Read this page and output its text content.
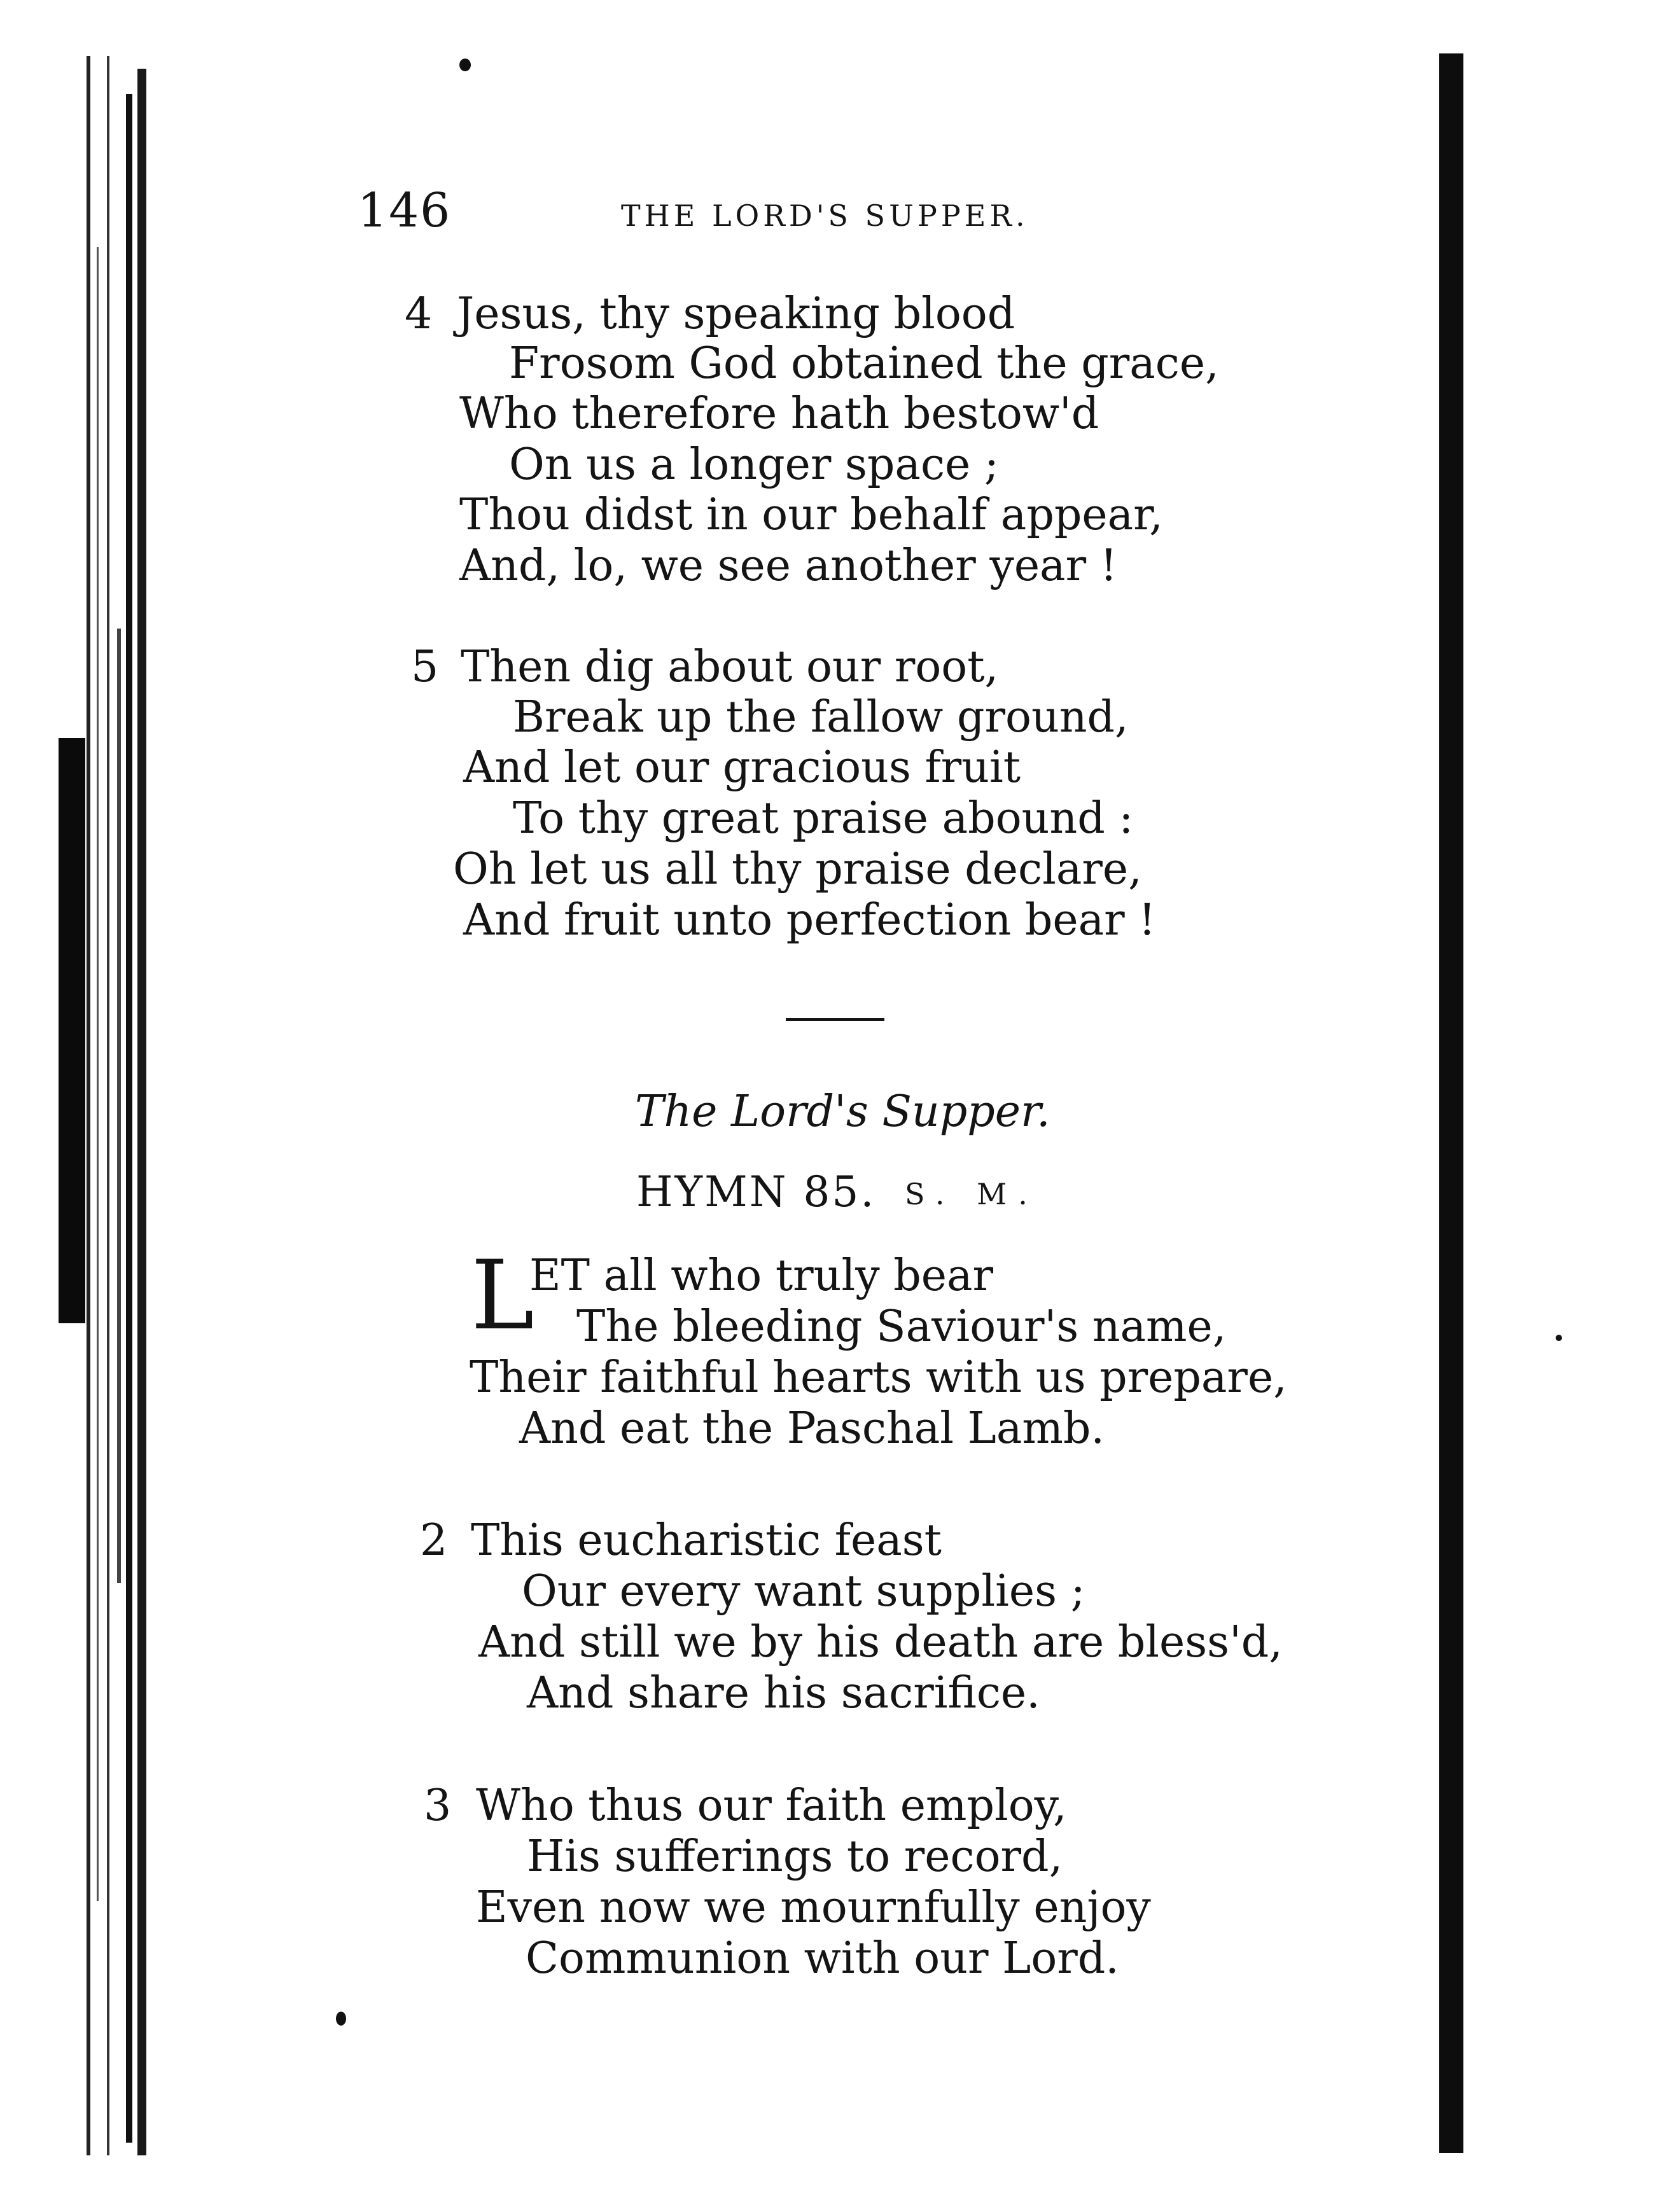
146	THE LORD'S SUPPER.
4 Jesus, thy speaking blood
Frosom God obtained the grace,
Who therefore hath bestow'd
On us a longer space ;
Thou didst in our behalf appear,
And, lo, we see another year !
5 Then dig about our root,
Break up the fallow ground,
And let our gracious fruit
To thy great praise abound :
Oh let us all thy praise declare,
And fruit unto perfection bear !
The Lord's Supper.
HYMN 85. S. M.
L
ET all who truly bear
The bleeding Saviour's name,
Their faithful hearts with us prepare,
And eat the Paschal Lamb.
2 This eucharistic feast
Our every want supplies ;
And still we by his death are bless'd,
And share his sacrifice.
3 Who thus our faith employ,
His sufferings to record,
Even now we mournfully enjoy
Communion with our Lord.
